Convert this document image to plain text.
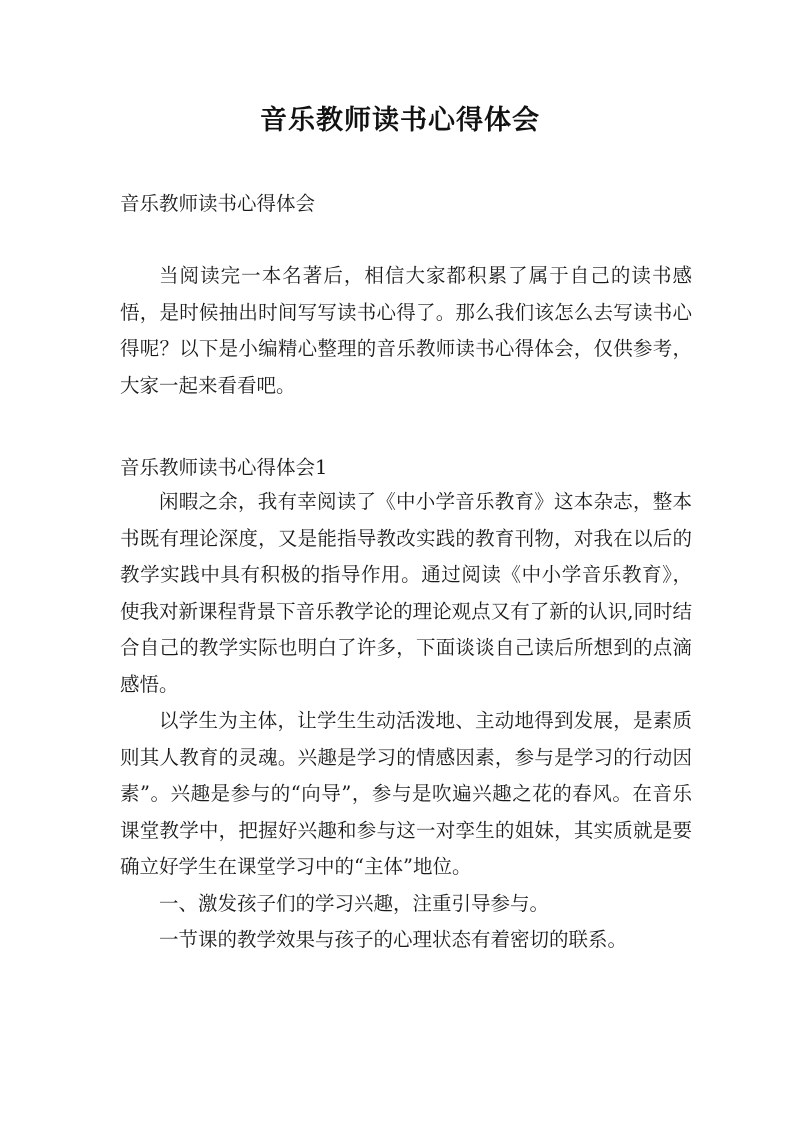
音乐教师读书心得体会
音乐教师读书心得体会
当阅读完一本名著后，相信大家都积累了属于自己的读书感悟，是时候抽出时间写写读书心得了。那么我们该怎么去写读书心得呢？以下是小编精心整理的音乐教师读书心得体会，仅供参考，大家一起来看看吧。
音乐教师读书心得体会1

闲暇之余，我有幸阅读了《中小学音乐教育》这本杂志，整本书既有理论深度，又是能指导教改实践的教育刊物，对我在以后的教学实践中具有积极的指导作用。通过阅读《中小学音乐教育》，使我对新课程背景下音乐教学论的理论观点又有了新的认识,同时结合自己的教学实际也明白了许多，下面谈谈自己读后所想到的点滴感悟。

以学生为主体，让学生生动活泼地、主动地得到发展，是素质则其人教育的灵魂。兴趣是学习的情感因素，参与是学习的行动因素”。兴趣是参与的“向导”，参与是吹遍兴趣之花的春风。在音乐课堂教学中，把握好兴趣和参与这一对孪生的姐妹，其实质就是要确立好学生在课堂学习中的“主体”地位。

一、激发孩子们的学习兴趣，注重引导参与。

一节课的教学效果与孩子的心理状态有着密切的联系。
